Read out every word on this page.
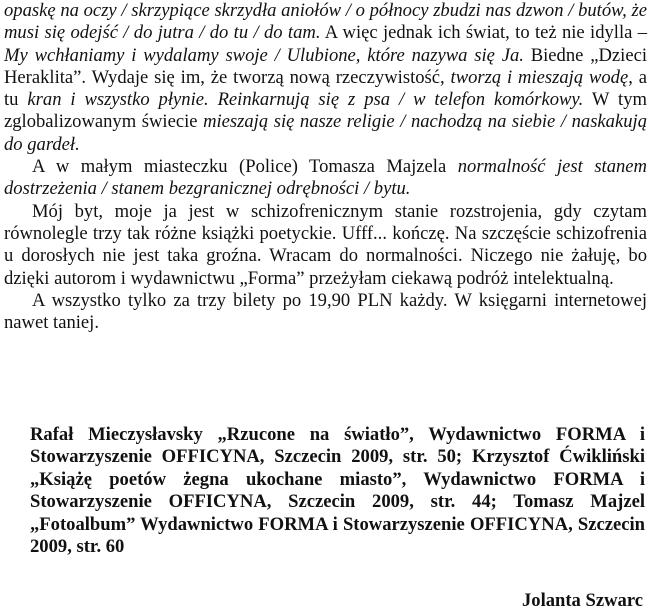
opaskę na oczy / skrzypiące skrzydła aniołów / o północy zbudzi nas dzwon / butów, że musi się odejść / do jutra / do tu / do tam. A więc jednak ich świat, to też nie idylla – My wchłaniamy i wydalamy swoje / Ulubione, które nazywa się Ja. Biedne „Dzieci Heraklita”. Wydaje się im, że tworzą nową rzeczywistość, tworzą i mieszają wodę, a tu kran i wszystko płynie. Reinkarnują się z psa / w telefon komórkowy. W tym zglobalizowanym świecie mieszają się nasze religie / nachodzą na siebie / naskakują do gardeł.

A w małym miasteczku (Police) Tomasza Majzela normalność jest stanem dostrzeżenia / stanem bezgranicznej odrębności / bytu.

Mój byt, moje ja jest w schizofrenicznym stanie rozstrojenia, gdy czytam równolegle trzy tak różne książki poetyckie. Ufff... kończę. Na szczęście schizofrenia u dorosłych nie jest taka groźna. Wracam do normalności. Niczego nie żałuję, bo dzięki autorom i wydawnictwu „Forma” przeżyłam ciekawą podróż intelektualną.

A wszystko tylko za trzy bilety po 19,90 PLN każdy. W księgarni internetowej nawet taniej.

Rafał Mieczysłavsky „Rzucone na światło”, Wydawnictwo FORMA i Stowarzyszenie OFFICYNA, Szczecin 2009, str. 50; Krzysztof Ćwikliński „Książę poetów żegna ukochane miasto”, Wydawnictwo FORMA i Stowarzyszenie OFFICYNA, Szczecin 2009, str. 44; Tomasz Majzel „Fotoalbum” Wydawnictwo FORMA i Stowarzyszenie OFFICYNA, Szczecin 2009, str. 60

Jolanta Szwarc
